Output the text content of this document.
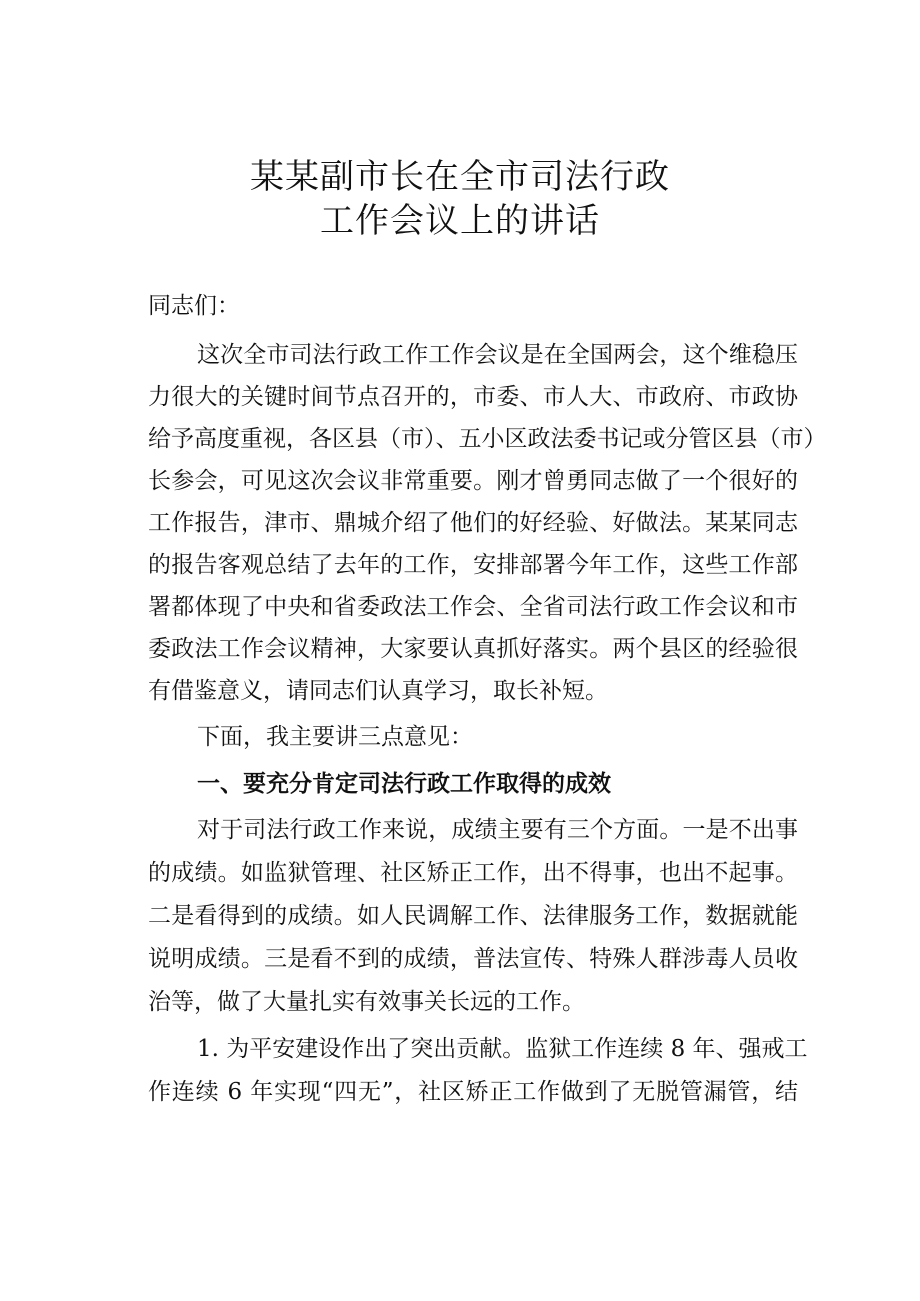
某某副市长在全市司法行政
工作会议上的讲话
同志们：
这次全市司法行政工作工作会议是在全国两会，这个维稳压
力很大的关键时间节点召开的，市委、市人大、市政府、市政协
给予高度重视，各区县（市）、五小区政法委书记或分管区县（市）
长参会，可见这次会议非常重要。刚才曾勇同志做了一个很好的
工作报告，津市、鼎城介绍了他们的好经验、好做法。某某同志
的报告客观总结了去年的工作，安排部署今年工作，这些工作部
署都体现了中央和省委政法工作会、全省司法行政工作会议和市
委政法工作会议精神，大家要认真抓好落实。两个县区的经验很
有借鉴意义，请同志们认真学习，取长补短。
下面，我主要讲三点意见：
一、要充分肯定司法行政工作取得的成效
对于司法行政工作来说，成绩主要有三个方面。一是不出事
的成绩。如监狱管理、社区矫正工作，出不得事，也出不起事。
二是看得到的成绩。如人民调解工作、法律服务工作，数据就能
说明成绩。三是看不到的成绩，普法宣传、特殊人群涉毒人员收
治等，做了大量扎实有效事关长远的工作。
1. 为平安建设作出了突出贡献。监狱工作连续 8 年、强戒工
作连续 6 年实现“四无”，社区矫正工作做到了无脱管漏管，结
